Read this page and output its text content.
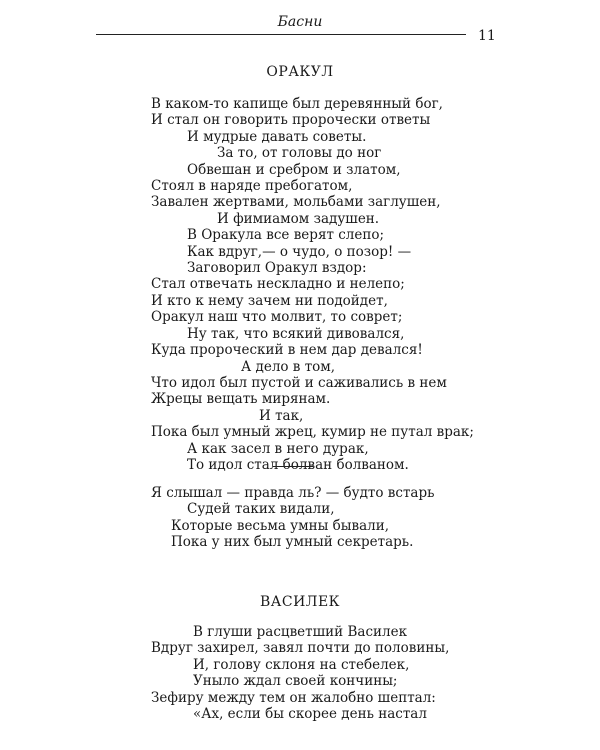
Басни
11
ОРАКУЛ
В каком-то капище был деревянный бог,
И стал он говорить пророчески ответы
И мудрые давать советы.
За то, от головы до ног
Обвешан и сребром и златом,
Стоял в наряде пребогатом,
Завален жертвами, мольбами заглушен,
И фимиамом задушен.
В Оракула все верят слепо;
Как вдруг,— о чудо, о позор! —
Заговорил Оракул вздор:
Стал отвечать нескладно и нелепо;
И кто к нему зачем ни подойдет,
Оракул наш что молвит, то соврет;
Ну так, что всякий дивовался,
Куда пророческий в нем дар девался!
А дело в том,
Что идол был пустой и саживались в нем
Жрецы вещать мирянам.
И так,
Пока был умный жрец, кумир не путал врак;
А как засел в него дурак,
То идол стал болван болваном.
Я слышал — правда ль? — будто встарь
Судей таких видали,
Которые весьма умны бывали,
Пока у них был умный секретарь.
ВАСИЛЕК
В глуши расцветший Василек
Вдруг захирел, завял почти до половины,
И, голову склоня на стебелек,
Уныло ждал своей кончины;
Зефиру между тем он жалобно шептал:
«Ах, если бы скорее день настал
